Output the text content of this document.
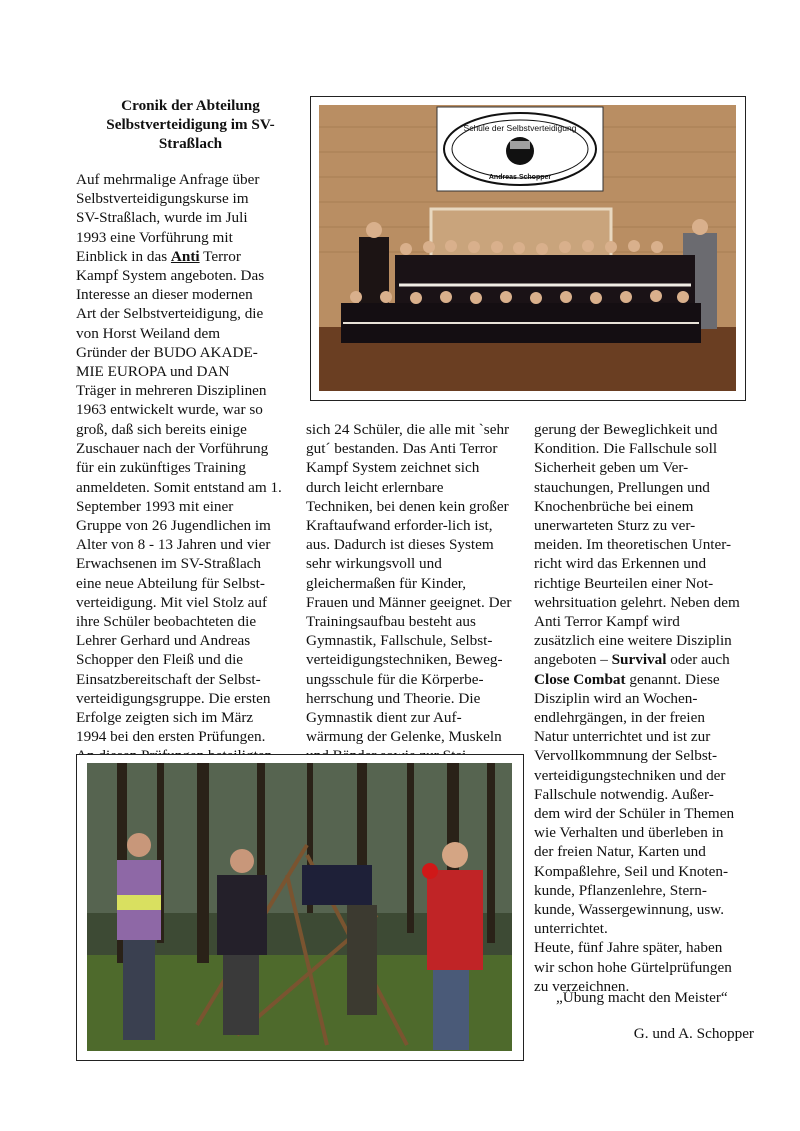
Cronik der Abteilung
Selbstverteidigung im SV-
Straßlach
Auf mehrmalige Anfrage über
Selbstverteidigungskurse im
SV-Straßlach, wurde im Juli
1993 eine Vorführung mit
Einblick in das Anti Terror
Kampf System angeboten. Das
Interesse an dieser modernen
Art der Selbstverteidigung, die
von Horst Weiland dem
Gründer der BUDO AKADE-
MIE EUROPA und DAN
Träger in mehreren Disziplinen
1963 entwickelt wurde, war so
groß, daß sich bereits einige
Zuschauer nach der Vorführung
für ein zukünftiges Training
anmeldeten. Somit entstand am 1.
September 1993 mit einer
Gruppe von 26 Jugendlichen im
Alter von 8 - 13 Jahren und vier
Erwachsenen im SV-Straßlach
eine neue Abteilung für Selbst-
verteidigung. Mit viel Stolz auf
ihre Schüler beobachteten die
Lehrer Gerhard und Andreas
Schopper den Fleiß und die
Einsatzbereitschaft der Selbst-
verteidigungsgruppe. Die ersten
Erfolge zeigten sich im März
1994 bei den ersten Prüfungen.
sich 24 Schüler, die alle mit `sehr
gut´ bestanden. Das Anti Terror
Kampf System zeichnet sich
durch leicht erlernbare
Techniken, bei denen kein großer
Kraftaufwand erforder-lich ist,
aus. Dadurch ist dieses System
sehr wirkungsvoll und
gleichermaßen für Kinder,
Frauen und Männer geeignet. Der
Trainingsaufbau besteht aus
Gymnastik, Fallschule, Selbst-
verteidigungstechniken, Beweg-
ungsschule für die Körperbe-
herrschung und Theorie. Die
Gymnastik dient zur Auf-
wärmung der Gelenke, Muskeln
gerung der Beweglichkeit und
Kondition. Die Fallschule soll
Sicherheit geben um Ver-
stauchungen, Prellungen und
Knochenbrüche bei einem
unerwarteten Sturz zu ver-
meiden. Im theoretischen Unter-
richt wird das Erkennen und
richtige Beurteilen einer Not-
wehrsituation gelehrt. Neben dem
Anti Terror Kampf wird
zusätzlich eine weitere Disziplin
angeboten – Survival oder auch
Close Combat genannt. Diese
Disziplin wird an Wochen-
endlehrgängen, in der freien
Natur unterrichtet und ist zur
Vervollkommnung der Selbst-
verteidigungstechniken und der
Fallschule notwendig. Außer-
dem wird der Schüler in Themen
wie Verhalten und überleben in
der freien Natur, Karten und
Kompaßlehre, Seil und Knoten-
kunde, Pflanzenlehre, Stern-
kunde, Wassergewinnung, usw.
unterrichtet.
Heute, fünf Jahre später, haben
wir schon hohe Gürtelprüfungen
zu verzeichnen.
„Übung macht den Meister“
G. und A. Schopper
Schule der Selbstverteidigung
Andreas Schopper
